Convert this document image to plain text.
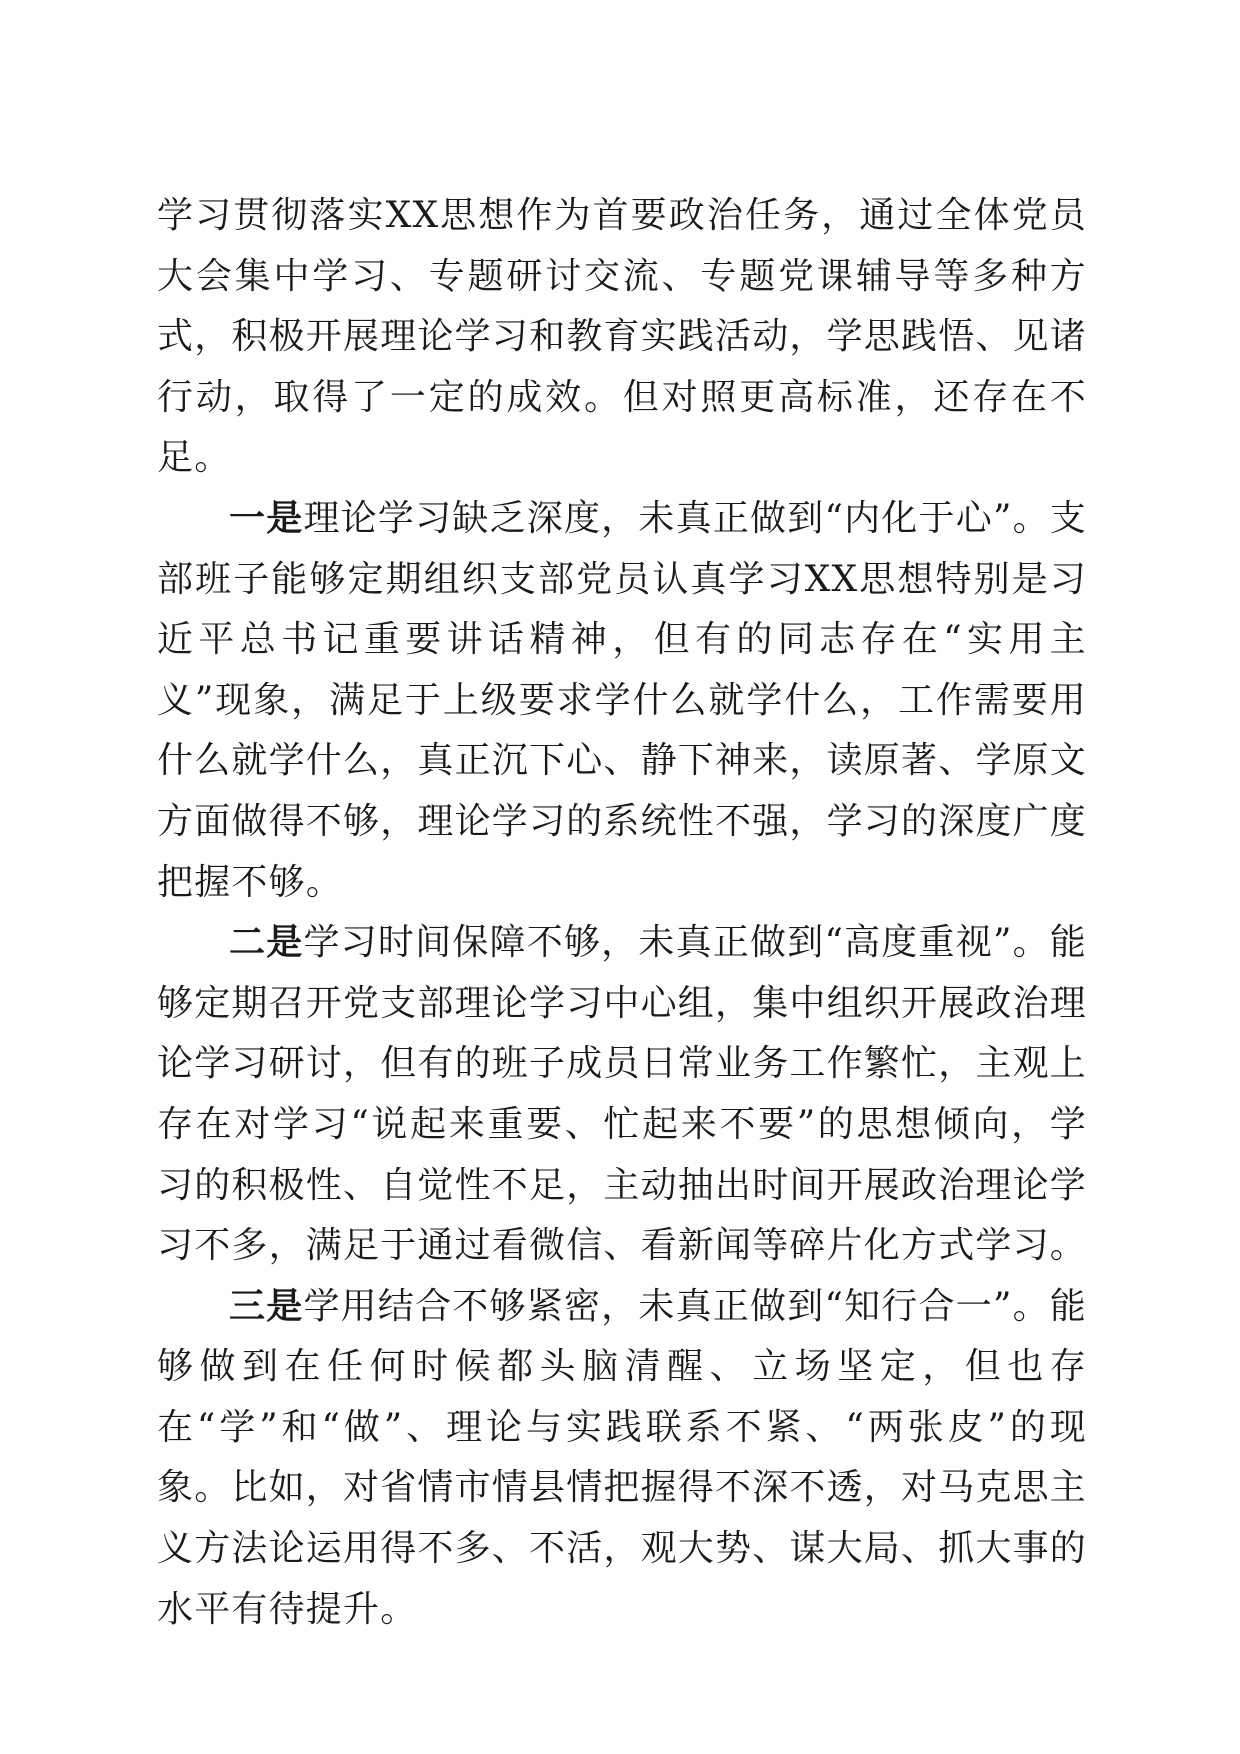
学习贯彻落实XX思想作为首要政治任务，通过全体党员大会集中学习、专题研讨交流、专题党课辅导等多种方式，积极开展理论学习和教育实践活动，学思践悟、见诸行动，取得了一定的成效。但对照更高标准，还存在不足。

一是理论学习缺乏深度，未真正做到“内化于心”。支部班子能够定期组织支部党员认真学习XX思想特别是习近平总书记重要讲话精神，但有的同志存在“实用主义”现象，满足于上级要求学什么就学什么，工作需要用什么就学什么，真正沉下心、静下神来，读原著、学原文方面做得不够，理论学习的系统性不强，学习的深度广度把握不够。

二是学习时间保障不够，未真正做到“高度重视”。能够定期召开党支部理论学习中心组，集中组织开展政治理论学习研讨，但有的班子成员日常业务工作繁忙，主观上存在对学习“说起来重要、忙起来不要”的思想倾向，学习的积极性、自觉性不足，主动抽出时间开展政治理论学习不多，满足于通过看微信、看新闻等碎片化方式学习。

三是学用结合不够紧密，未真正做到“知行合一”。能够做到在任何时候都头脑清醒、立场坚定，但也存在“学”和“做”、理论与实践联系不紧、“两张皮”的现象。比如，对省情市情县情把握得不深不透，对马克思主义方法论运用得不多、不活，观大势、谋大局、抓大事的水平有待提升。
